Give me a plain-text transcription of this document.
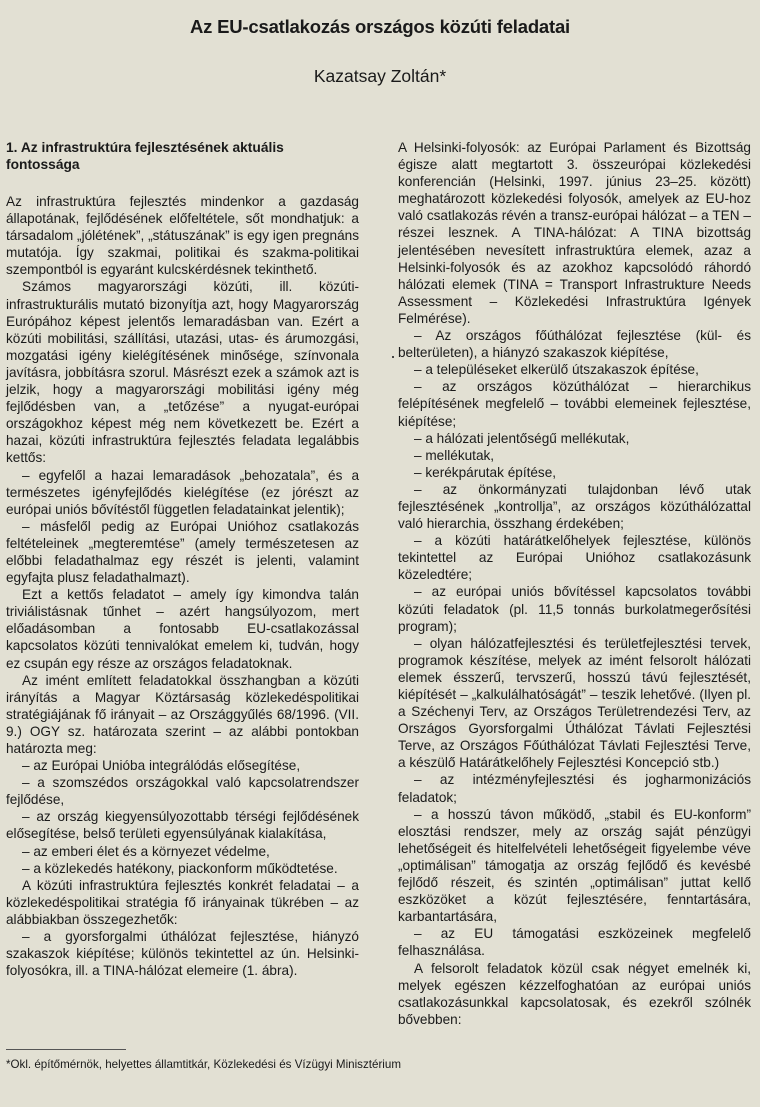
Az EU-csatlakozás országos közúti feladatai
Kazatsay Zoltán*
1. Az infrastruktúra fejlesztésének aktuális fontossága

Az infrastruktúra fejlesztés mindenkor a gazdaság állapotának, fejlődésének előfeltétele, sőt mondhatjuk: a társadalom „jólétének”, „státuszának” is egy igen pregnáns mutatója. Így szakmai, politikai és szakma-politikai szempontból is egyaránt kulcskérdésnek tekinthető.

Számos magyarországi közúti, ill. közúti-infrastrukturális mutató bizonyítja azt, hogy Magyarország Európához képest jelentős lemaradásban van. Ezért a közúti mobilitási, szállítási, utazási, utas- és árumozgási, mozgatási igény kielégítésének minősége, színvonala javításra, jobbításra szorul. Másrészt ezek a számok azt is jelzik, hogy a magyarországi mobilitási igény még fejlődésben van, a „tetőzése” a nyugat-európai országokhoz képest még nem következett be. Ezért a hazai, közúti infrastruktúra fejlesztés feladata legalábbis kettős:

– egyfelől a hazai lemaradások „behozatala”, és a természetes igényfejlődés kielégítése (ez jórészt az európai uniós bővítéstől független feladatainkat jelentik);

– másfelől pedig az Európai Unióhoz csatlakozás feltételeinek „megteremtése” (amely természetesen az előbbi feladathalmaz egy részét is jelenti, valamint egyfajta plusz feladathalmazt).

Ezt a kettős feladatot – amely így kimondva talán triviálistásnak tűnhet – azért hangsúlyozom, mert előadásomban a fontosabb EU-csatlakozással kapcsolatos közúti tennivalókat emelem ki, tudván, hogy ez csupán egy része az országos feladatoknak.

Az imént említett feladatokkal összhangban a közúti irányítás a Magyar Köztársaság közlekedéspolitikai stratégiájának fő irányait – az Országgyűlés 68/1996. (VII. 9.) OGY sz. határozata szerint – az alábbi pontokban határozta meg:

– az Európai Unióba integrálódás elősegítése,

– a szomszédos országokkal való kapcsolatrendszer fejlődése,

– az ország kiegyensúlyozottabb térségi fejlődésének elősegítése, belső területi egyensúlyának kialakítása,

– az emberi élet és a környezet védelme,

– a közlekedés hatékony, piackonform működtetése.

A közúti infrastruktúra fejlesztés konkrét feladatai – a közlekedéspolitikai stratégia fő irányainak tükrében – az alábbiakban összegezhetők:

– a gyorsforgalmi úthálózat fejlesztése, hiányzó szakaszok kiépítése; különös tekintettel az ún. Helsinki-folyosókra, ill. a TINA-hálózat elemeire (1. ábra).

A Helsinki-folyosók: az Európai Parlament és Bizottság égisze alatt megtartott 3. összeurópai közlekedési konferencián (Helsinki, 1997. június 23–25. között) meghatározott közlekedési folyosók, amelyek az EU-hoz való csatlakozás révén a transz-európai hálózat – a TEN – részei lesznek. A TINA-hálózat: A TINA bizottság jelentésében nevesített infrastruktúra elemek, azaz a Helsinki-folyosók és az azokhoz kapcsolódó ráhordó hálózati elemek (TINA = Transport Infrastrukture Needs Assessment – Közlekedési Infrastruktúra Igények Felmérése).

– Az országos főúthálózat fejlesztése (kül- és belterületen), a hiányzó szakaszok kiépítése,

– a településeket elkerülő útszakaszok építése,

– az országos közúthálózat – hierarchikus felépítésének megfelelő – további elemeinek fejlesztése, kiépítése;

– a hálózati jelentőségű mellékutak,

– mellékutak,

– kerékpárutak építése,

– az önkormányzati tulajdonban lévő utak fejlesztésének „kontrollja”, az országos közúthálózattal való hierarchia, összhang érdekében;

– a közúti határátkelőhelyek fejlesztése, különös tekintettel az Európai Unióhoz csatlakozásunk közeledtére;

– az európai uniós bővítéssel kapcsolatos további közúti feladatok (pl. 11,5 tonnás burkolatmegerősítési program);

– olyan hálózatfejlesztési és területfejlesztési tervek, programok készítése, melyek az imént felsorolt hálózati elemek ésszerű, tervszerű, hosszú távú fejlesztését, kiépítését – „kalkulálhatóságát” – teszik lehetővé. (Ilyen pl. a Széchenyi Terv, az Országos Területrendezési Terv, az Országos Gyorsforgalmi Úthálózat Távlati Fejlesztési Terve, az Országos Főúthálózat Távlati Fejlesztési Terve, a készülő Határátkelőhely Fejlesztési Koncepció stb.)

– az intézményfejlesztési és jogharmonizációs feladatok;

– a hosszú távon működő, „stabil és EU-konform” elosztási rendszer, mely az ország saját pénzügyi lehetőségeit és hitelfelvételi lehetőségeit figyelembe véve „optimálisan” támogatja az ország fejlődő és kevésbé fejlődő részeit, és szintén „optimálisan” juttat kellő eszközöket a közút fejlesztésére, fenntartására, karbantartására,

– az EU támogatási eszközeinek megfelelő felhasználása.

A felsorolt feladatok közül csak négyet emelnék ki, melyek egészen kézzelfoghatóan az európai uniós csatlakozásunkkal kapcsolatosak, és ezekről szólnék bővebben:

*Okl. építőmérnök, helyettes államtitkár, Közlekedési és Vízügyi Minisztérium
